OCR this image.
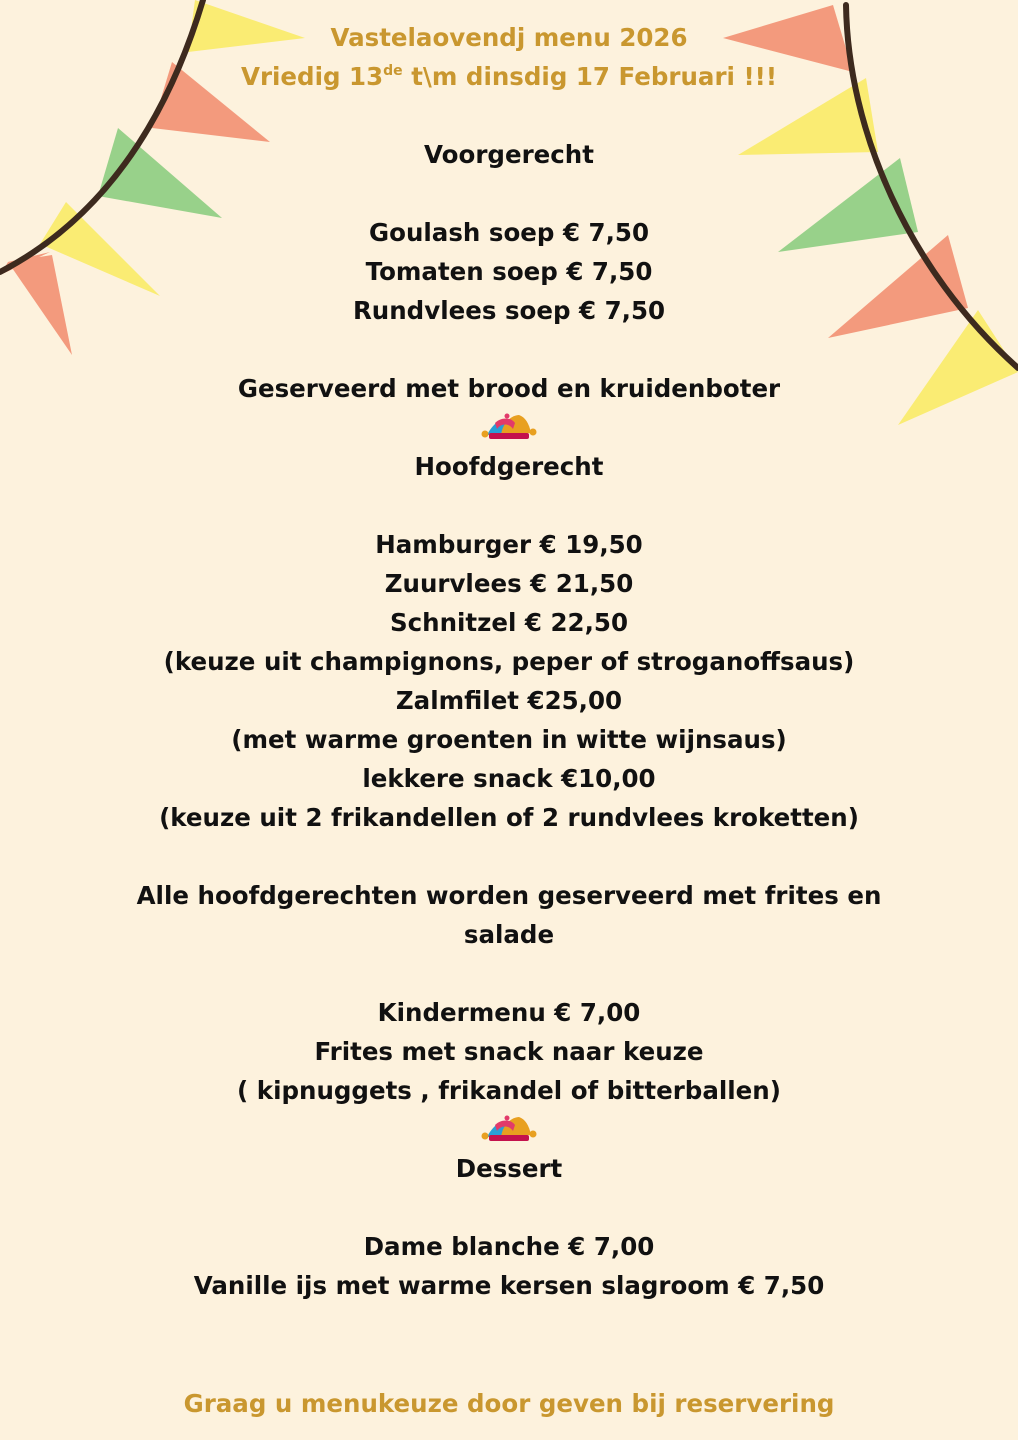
Vastelaovendj menu 2026
Vriedig 13de t\m dinsdig 17 Februari !!!
Voorgerecht
Goulash soep € 7,50
Tomaten soep € 7,50
Rundvlees soep € 7,50
Geserveerd met brood en kruidenboter
Hoofdgerecht
Hamburger € 19,50
Zuurvlees € 21,50
Schnitzel € 22,50
(keuze uit champignons, peper of stroganoffsaus)
Zalmfilet €25,00
(met warme groenten in witte wijnsaus)
lekkere snack €10,00
(keuze uit 2 frikandellen of 2 rundvlees kroketten)
Alle hoofdgerechten worden geserveerd met frites en
salade
Kindermenu € 7,00
Frites met snack naar keuze
( kipnuggets , frikandel of bitterballen)
Dessert
Dame blanche € 7,00
Vanille ijs met warme kersen slagroom € 7,50
Graag u menukeuze door geven bij reservering
